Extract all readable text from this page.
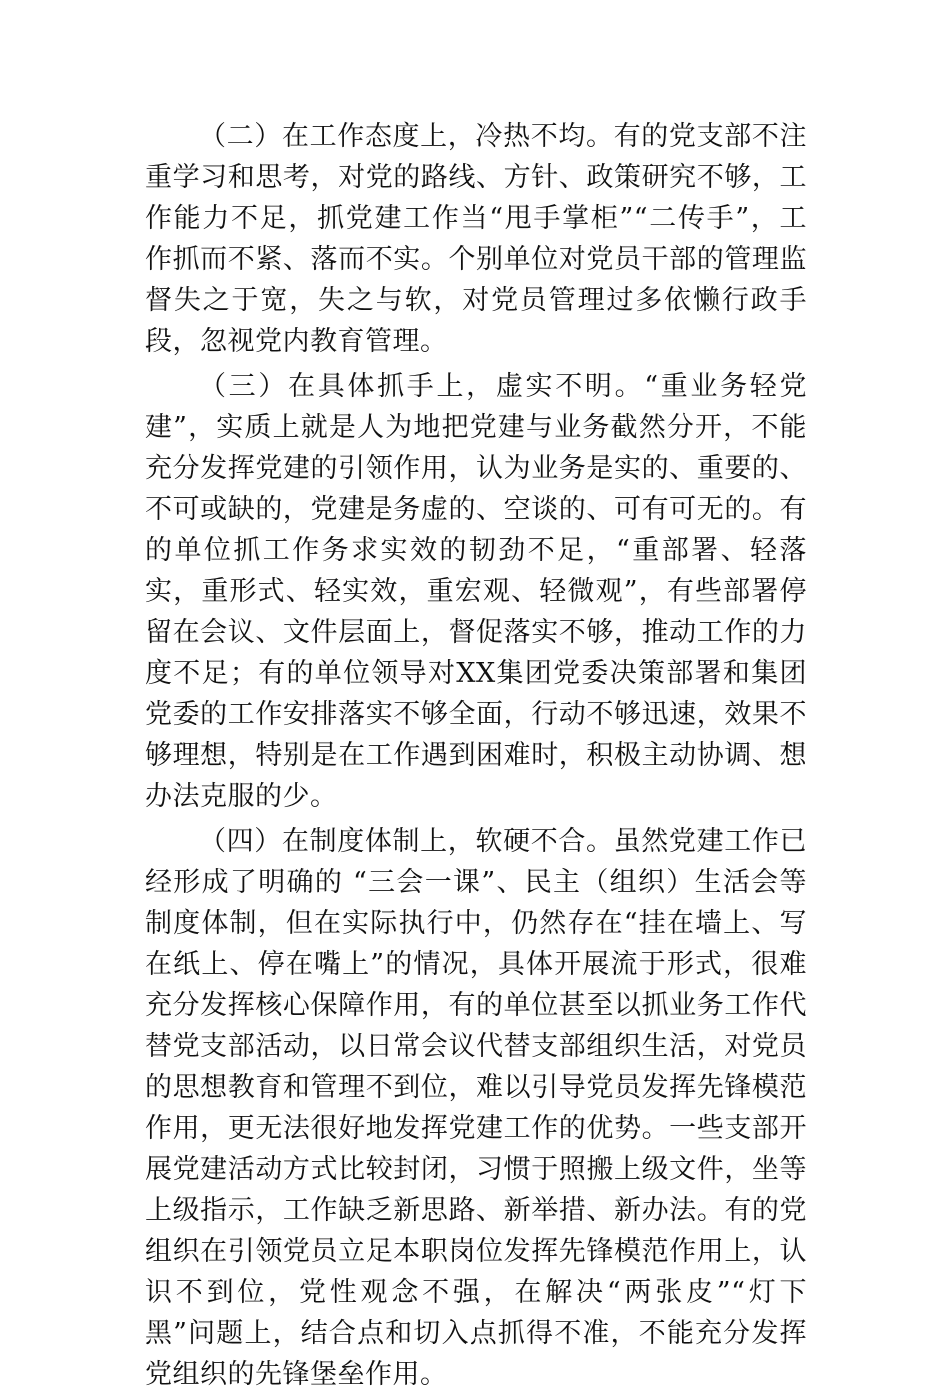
（二）在工作态度上，冷热不均。有的党支部不注重学习和思考，对党的路线、方针、政策研究不够，工作能力不足，抓党建工作当“甩手掌柜”“二传手”，工作抓而不紧、落而不实。个别单位对党员干部的管理监督失之于宽，失之与软，对党员管理过多依懒行政手段，忽视党内教育管理。

（三）在具体抓手上，虚实不明。“重业务轻党建”，实质上就是人为地把党建与业务截然分开，不能充分发挥党建的引领作用，认为业务是实的、重要的、不可或缺的，党建是务虚的、空谈的、可有可无的。有的单位抓工作务求实效的韧劲不足，“重部署、轻落实，重形式、轻实效，重宏观、轻微观”，有些部署停留在会议、文件层面上，督促落实不够，推动工作的力度不足；有的单位领导对XX集团党委决策部署和集团党委的工作安排落实不够全面，行动不够迅速，效果不够理想，特别是在工作遇到困难时，积极主动协调、想办法克服的少。

（四）在制度体制上，软硬不合。虽然党建工作已经形成了明确的 “三会一课”、民主（组织）生活会等制度体制，但在实际执行中，仍然存在“挂在墙上、写在纸上、停在嘴上”的情况，具体开展流于形式，很难充分发挥核心保障作用，有的单位甚至以抓业务工作代替党支部活动，以日常会议代替支部组织生活，对党员的思想教育和管理不到位，难以引导党员发挥先锋模范作用，更无法很好地发挥党建工作的优势。一些支部开展党建活动方式比较封闭，习惯于照搬上级文件，坐等上级指示，工作缺乏新思路、新举措、新办法。有的党组织在引领党员立足本职岗位发挥先锋模范作用上，认识不到位，党性观念不强，在解决“两张皮”“灯下黑”问题上，结合点和切入点抓得不准，不能充分发挥党组织的先锋堡垒作用。
